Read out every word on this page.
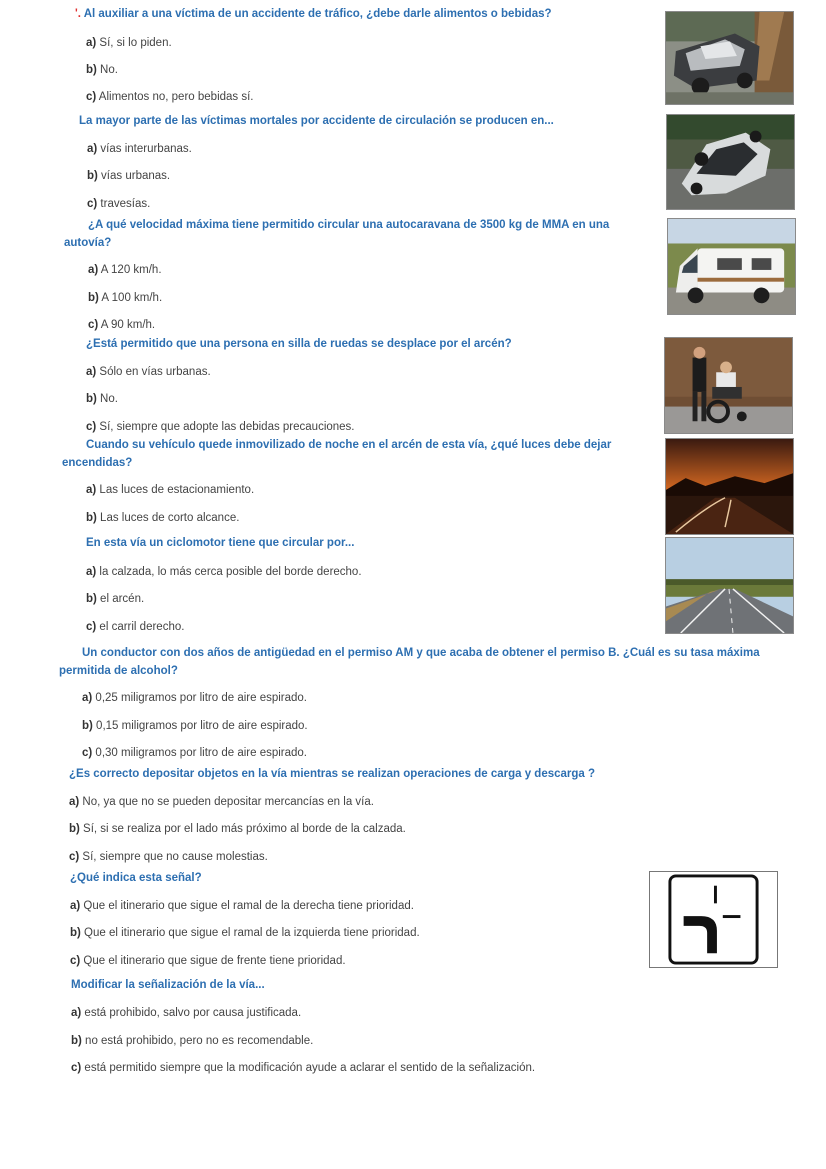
'. Al auxiliar a una víctima de un accidente de tráfico, ¿debe darle alimentos o bebidas?
a) Sí, si lo piden.
b) No.
c) Alimentos no, pero bebidas sí.
La mayor parte de las víctimas mortales por accidente de circulación se producen en...
a) vías interurbanas.
b) vías urbanas.
c) travesías.
¿A qué velocidad máxima tiene permitido circular una autocaravana de 3500 kg de MMA en una autovía?
a) A 120 km/h.
b) A 100 km/h.
c) A 90 km/h.
¿Está permitido que una persona en silla de ruedas se desplace por el arcén?
a) Sólo en vías urbanas.
b) No.
c) Sí, siempre que adopte las debidas precauciones.
Cuando su vehículo quede inmovilizado de noche en el arcén de esta vía, ¿qué luces debe dejar encendidas?
a) Las luces de estacionamiento.
b) Las luces de corto alcance.
En esta vía un ciclomotor tiene que circular por...
a) la calzada, lo más cerca posible del borde derecho.
b) el arcén.
c) el carril derecho.
Un conductor con dos años de antigüedad en el permiso AM y que acaba de obtener el permiso B. ¿Cuál es su tasa máxima permitida de alcohol?
a) 0,25 miligramos por litro de aire espirado.
b) 0,15 miligramos por litro de aire espirado.
c) 0,30 miligramos por litro de aire espirado.
¿Es correcto depositar objetos en la vía mientras se realizan operaciones de carga y descarga ?
a) No, ya que no se pueden depositar mercancías en la vía.
b) Sí, si se realiza por el lado más próximo al borde de la calzada.
c) Sí, siempre que no cause molestias.
¿Qué indica esta señal?
a) Que el itinerario que sigue el ramal de la derecha tiene prioridad.
b) Que el itinerario que sigue el ramal de la izquierda tiene prioridad.
c) Que el itinerario que sigue de frente tiene prioridad.
Modificar la señalización de la vía...
a) está prohibido, salvo por causa justificada.
b) no está prohibido, pero no es recomendable.
c) está permitido siempre que la modificación ayude a aclarar el sentido de la señalización.
